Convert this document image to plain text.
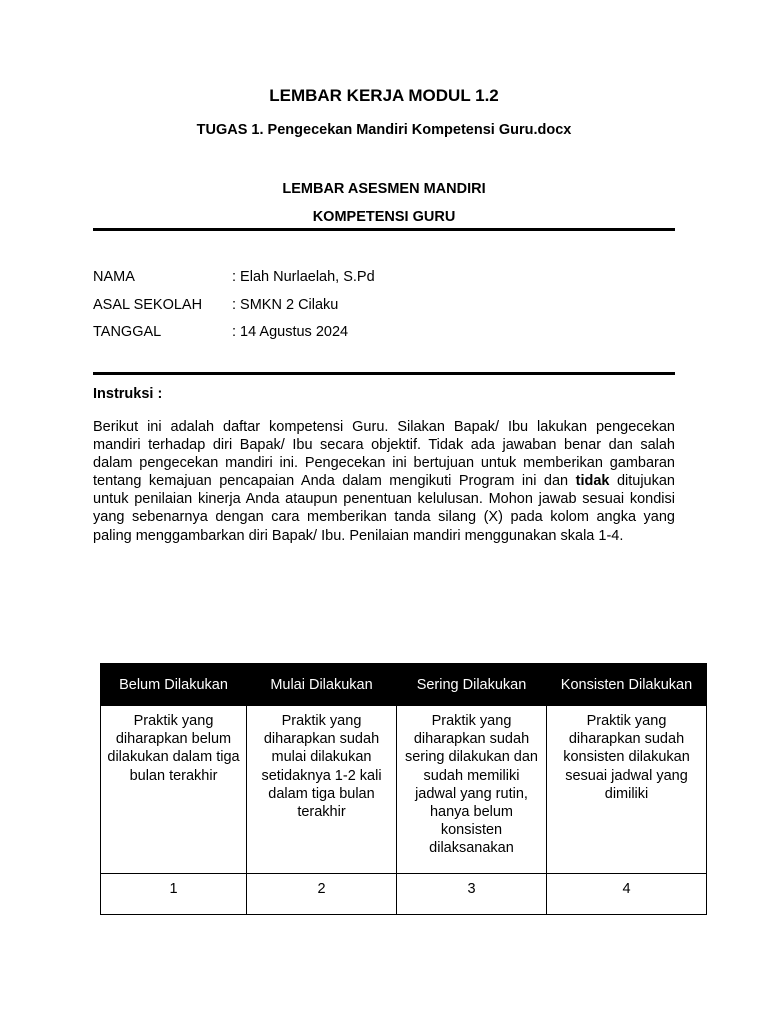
LEMBAR KERJA MODUL 1.2
TUGAS 1. Pengecekan Mandiri Kompetensi Guru.docx
LEMBAR ASESMEN MANDIRI
KOMPETENSI GURU
NAMA	: Elah Nurlaelah, S.Pd
ASAL SEKOLAH	: SMKN 2 Cilaku
TANGGAL	: 14 Agustus 2024
Instruksi :
Berikut ini adalah daftar kompetensi Guru. Silakan Bapak/ Ibu lakukan pengecekan mandiri terhadap diri Bapak/ Ibu secara objektif. Tidak ada jawaban benar dan salah dalam pengecekan mandiri ini. Pengecekan ini bertujuan untuk memberikan gambaran tentang kemajuan pencapaian Anda dalam mengikuti Program ini dan tidak ditujukan untuk penilaian kinerja Anda ataupun penentuan kelulusan. Mohon jawab sesuai kondisi yang sebenarnya dengan cara memberikan tanda silang (X) pada kolom angka yang paling menggambarkan diri Bapak/ Ibu. Penilaian mandiri menggunakan skala 1-4.
Belum Dilakukan	Mulai Dilakukan	Sering Dilakukan	Konsisten Dilakukan
Praktik yang diharapkan belum dilakukan dalam tiga bulan terakhir	Praktik yang diharapkan sudah mulai dilakukan setidaknya 1-2 kali dalam tiga bulan terakhir	Praktik yang diharapkan sudah sering dilakukan dan sudah memiliki jadwal yang rutin, hanya belum konsisten dilaksanakan	Praktik yang diharapkan sudah konsisten dilakukan sesuai jadwal yang dimiliki
1	2	3	4
